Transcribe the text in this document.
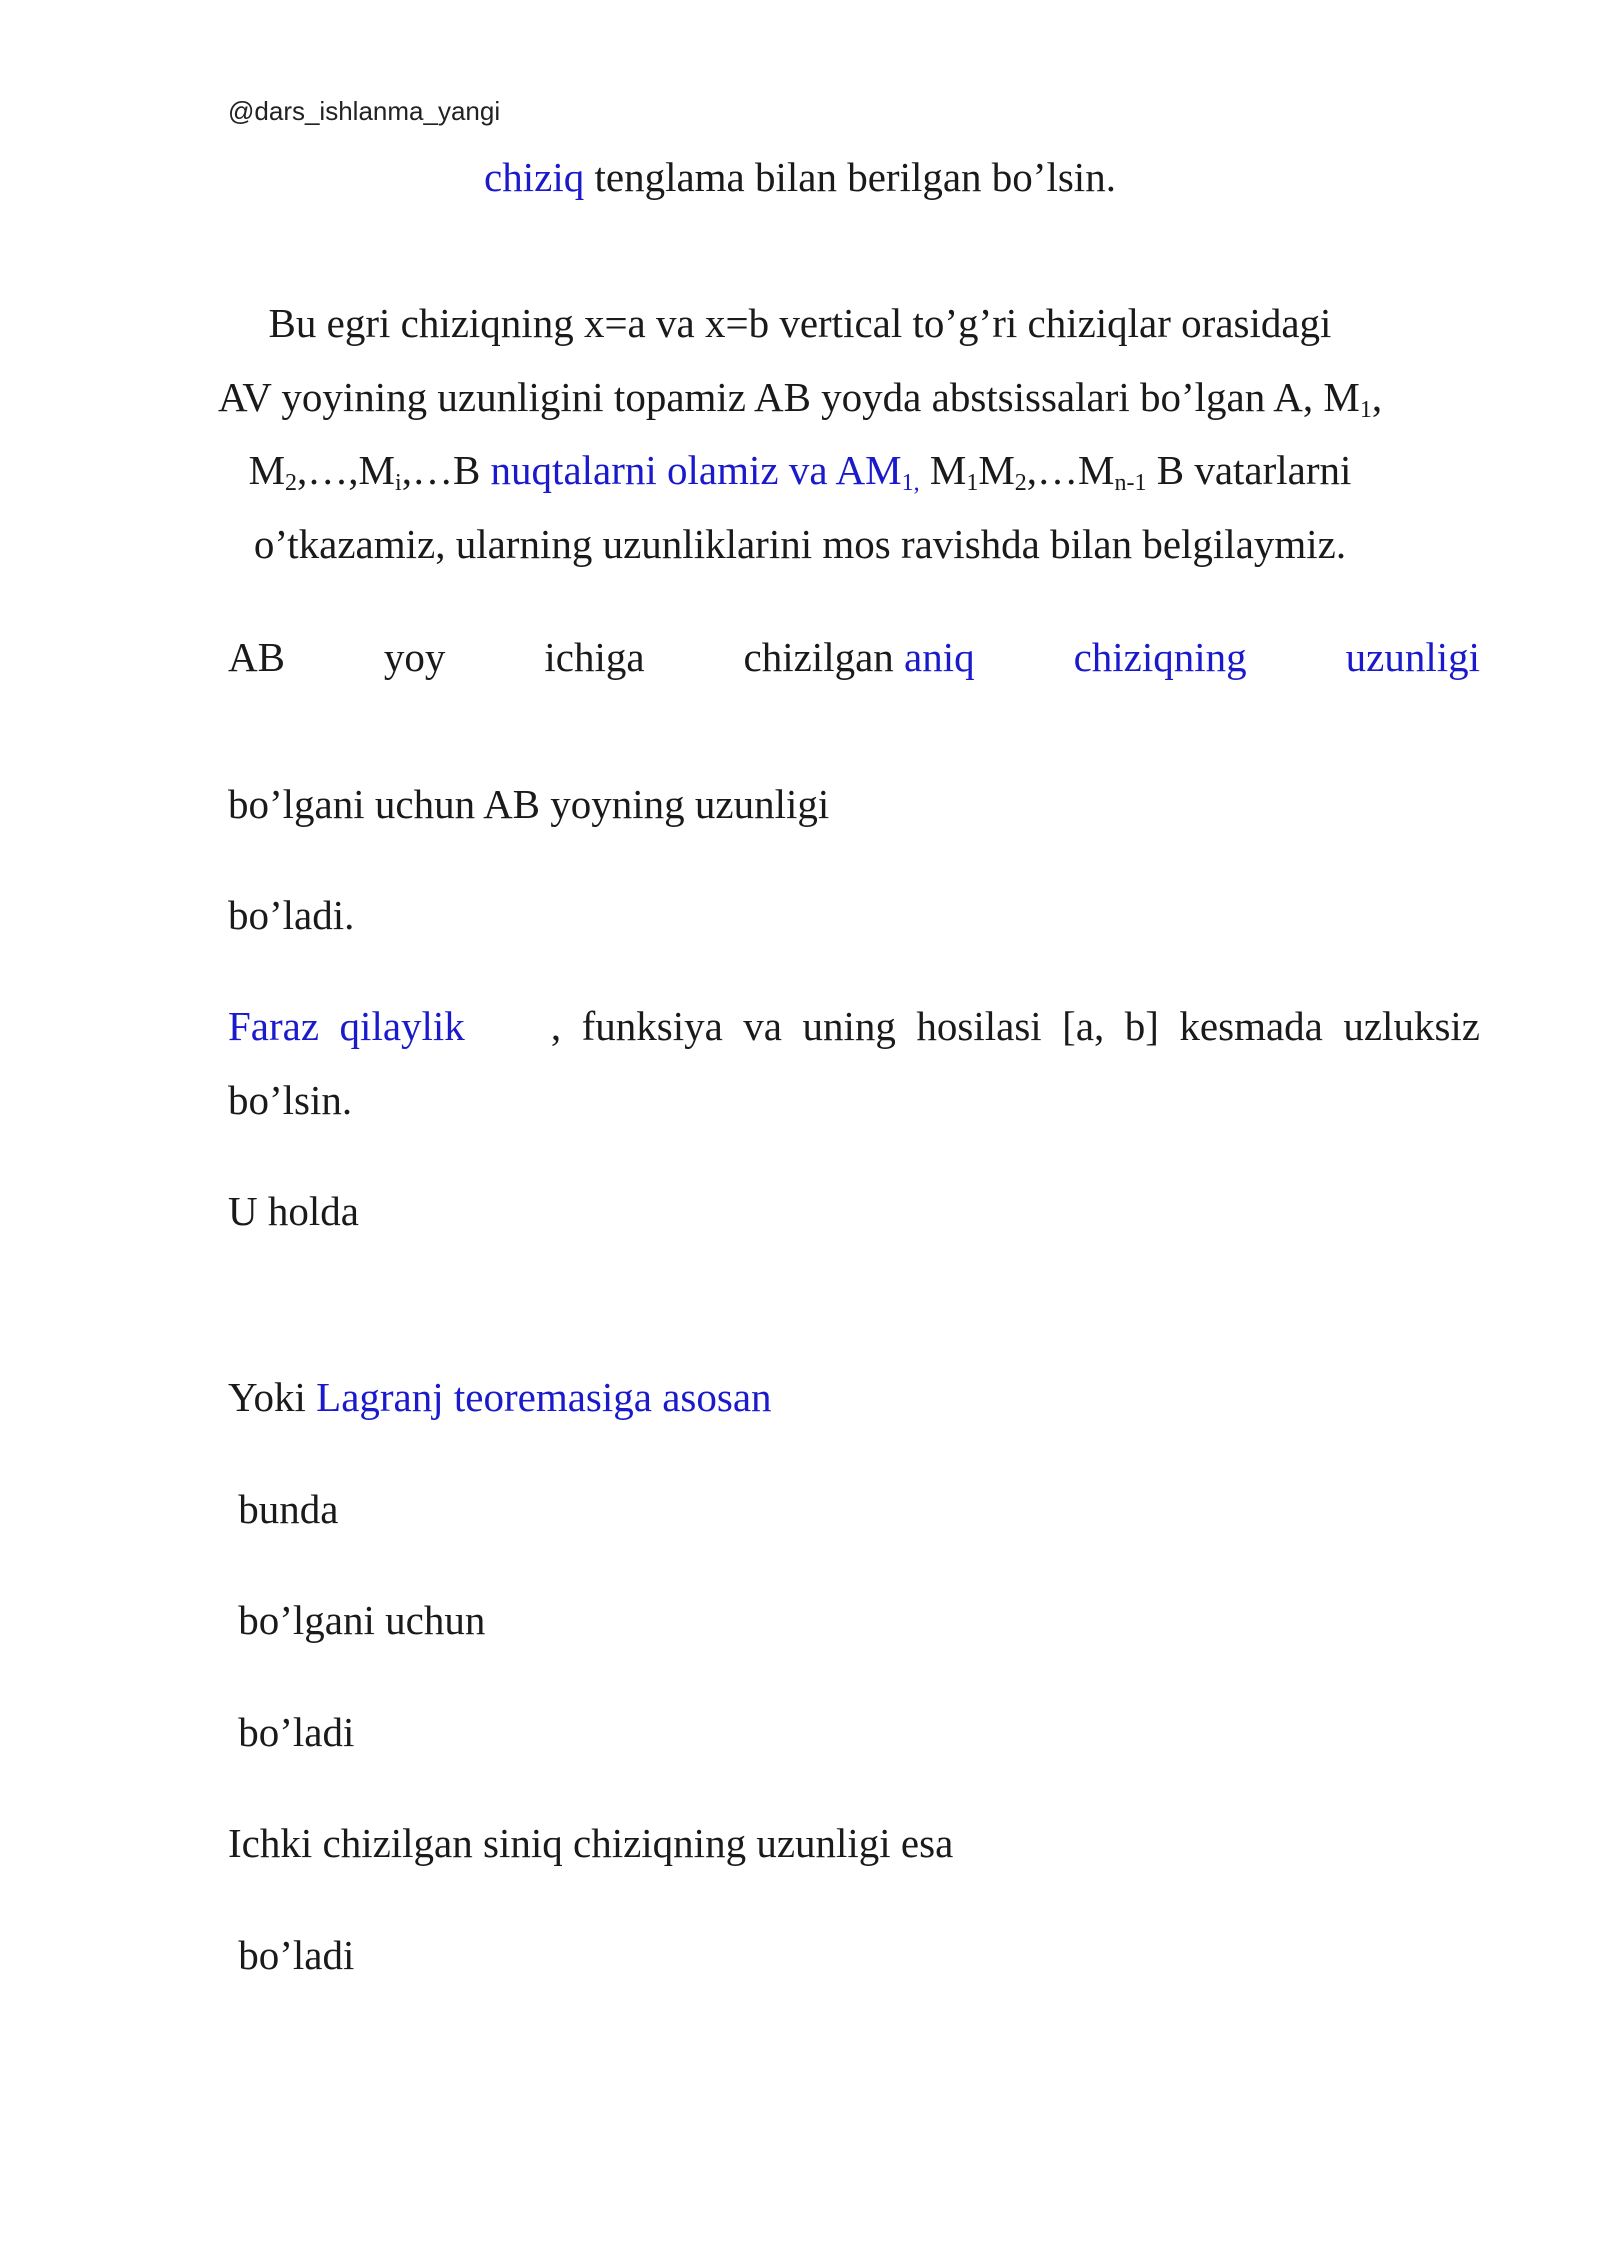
@dars_ishlanma_yangi
chiziq tenglama bilan berilgan bo’lsin.
Bu egri chiziqning x=a va x=b vertical to’g’ri chiziqlar orasidagi
AV yoyining uzunligini topamiz AB yoyda abstsissalari bo’lgan A, $M_1$,
$M_2,\dots,M_i,\dots B$ nuqtalarni olamiz va $AM_{1,}$ $M_1M_2,\dots M_{n-1}$ B vatarlarni
o’tkazamiz, ularning uzunliklarini mos ravishda bilan belgilaymiz.
AB yoy ichiga chizilgan aniq chiziqning uzunligi
bo’lgani uchun AB yoyning uzunligi
bo’ladi.
Faraz  qilaylik ,  funksiya  va  uning  hosilasi  [a,  b]  kesmada  uzluksiz
bo’lsin.
U holda
Yoki Lagranj teoremasiga asosan
bunda
bo’lgani uchun
bo’ladi
Ichki chizilgan siniq chiziqning uzunligi esa
bo’ladi
